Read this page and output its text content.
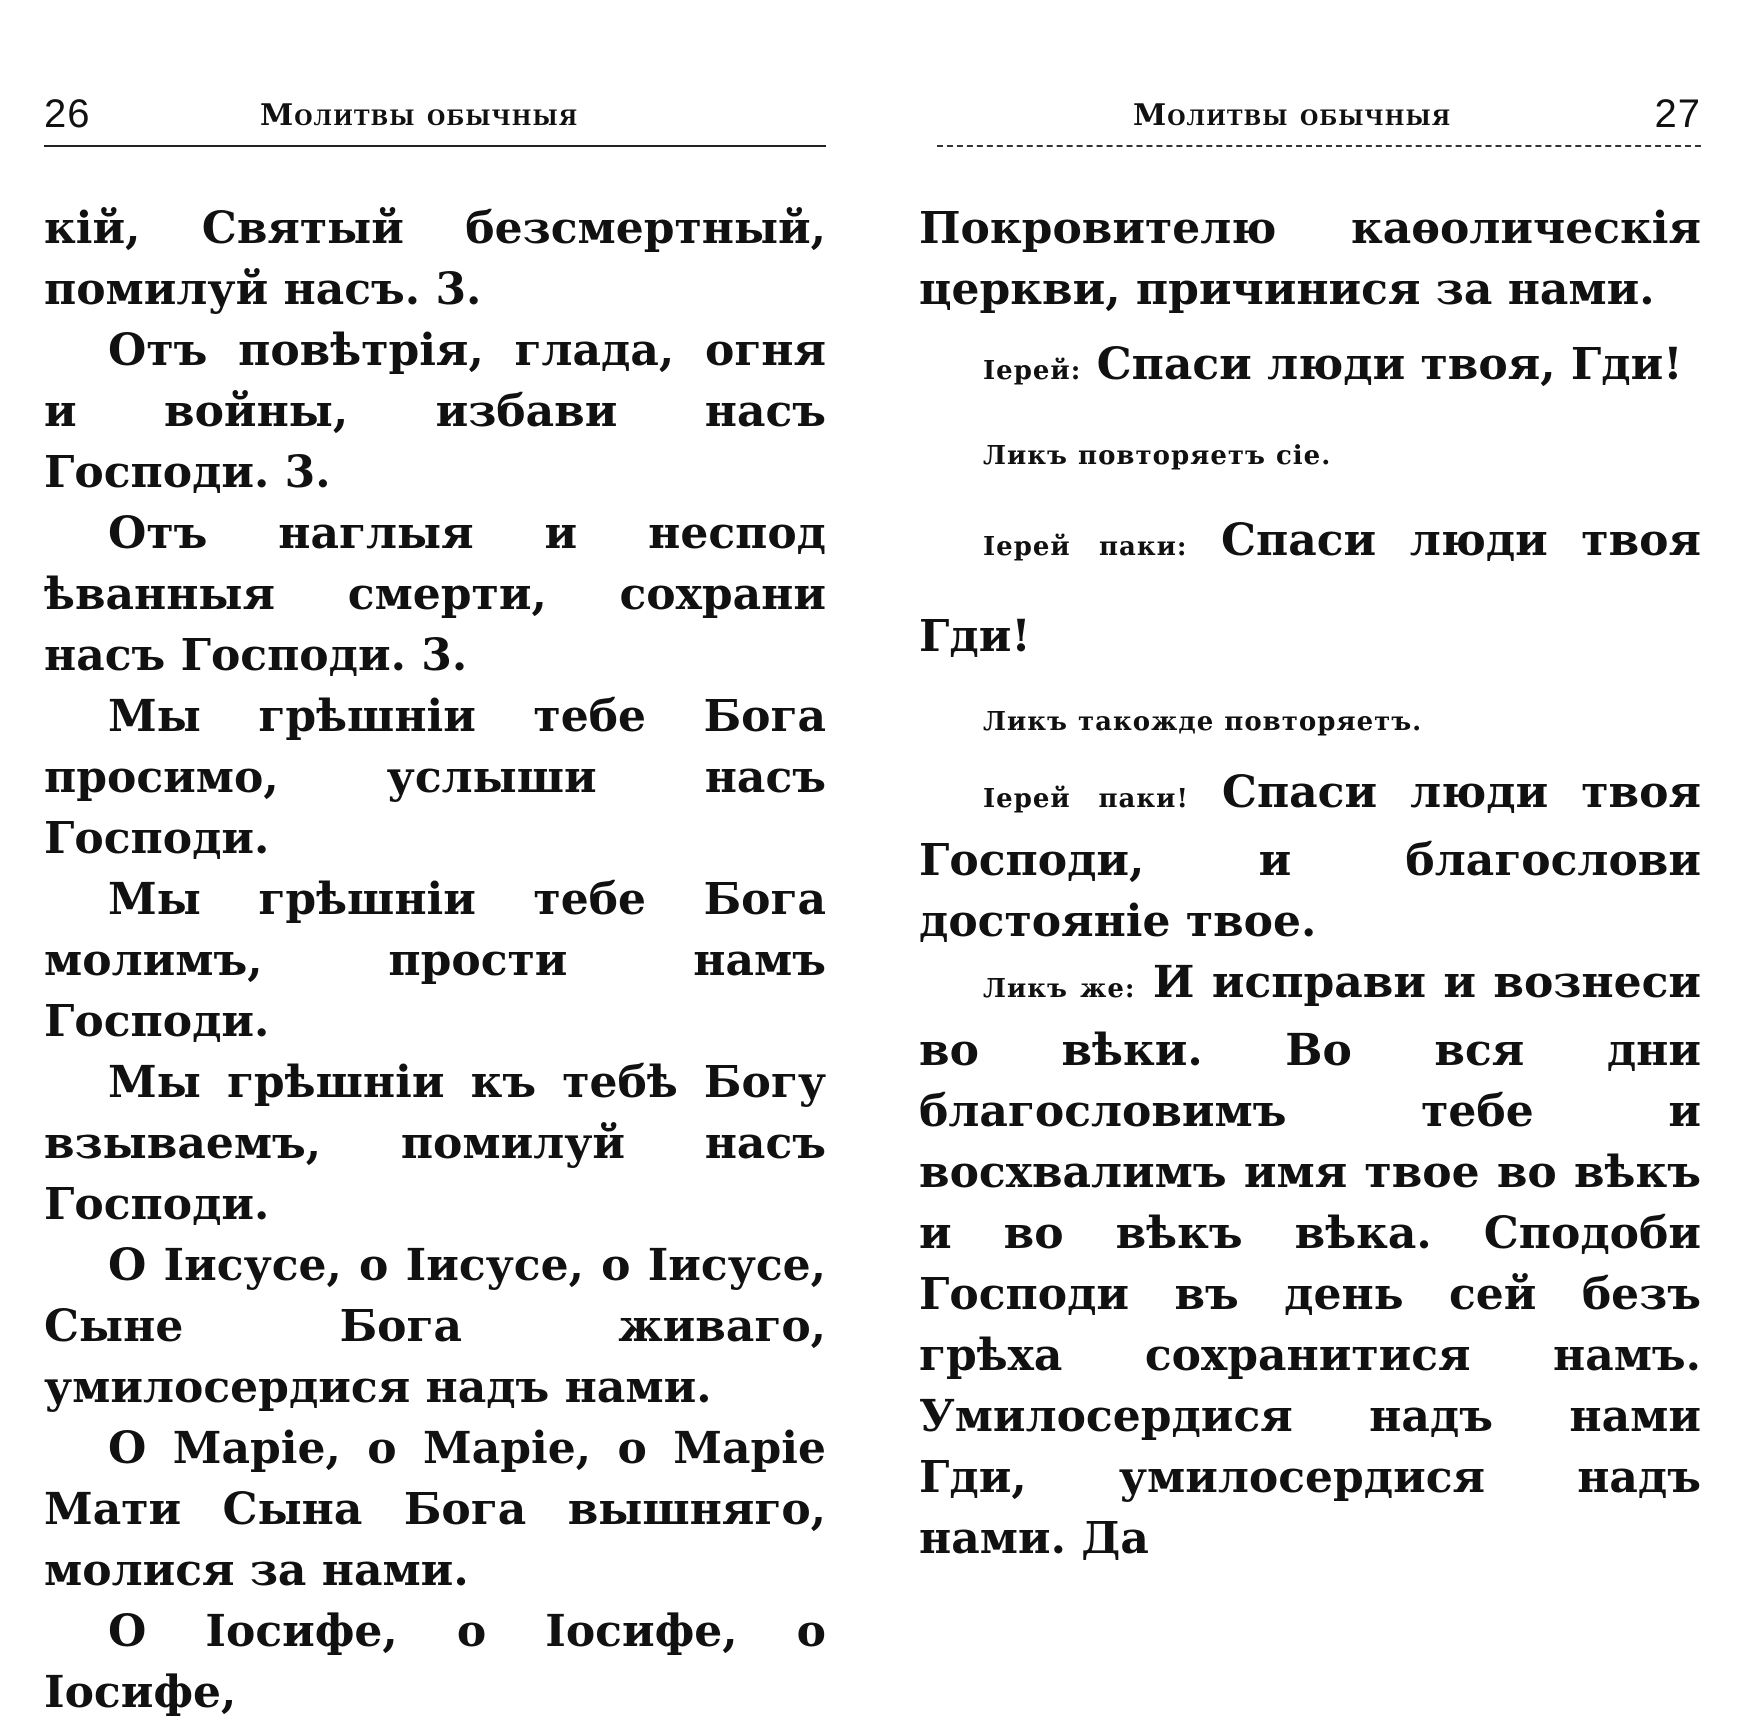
26	Молитвы обычныя

кій, Святый безсмертный, помилуй насъ. 3.

Отъ повѣтрія, глада, огня и войны, избави насъ Господи. 3.

Отъ наглыя и неспод ѣванныя смерти, сохрани насъ Господи. 3.

Мы грѣшніи тебе Бога просимо, услыши насъ Господи.

Мы грѣшніи тебе Бога молимъ, прости намъ Господи.

Мы грѣшніи къ тебѣ Богу взываемъ, помилуй насъ Господи.

О Іисусе, о Іисусе, о Іисусе, Сыне Бога живаго, умилосердися надъ нами.

О Маріе, о Маріе, о Маріе Мати Сына Бога вышняго, молися за нами.

О Іосифе, о Іосифе, о Іосифе,

Молитвы обычныя	27

Покровителю каѳолическія церкви, причинися за нами.

Іерей: Спаси люди твоя, Гди!

Ликъ повторяетъ сіе.

Іерей паки: Спаси люди твоя Гди!

Ликъ такожде повторяетъ.

Іерей паки! Спаси люди твоя Господи, и благослови достояніе твое.

Ликъ же: И исправи и вознеси во вѣки. Во вся дни благословимъ тебе и восхвалимъ имя твое во вѣкъ и во вѣкъ вѣка. Сподоби Господи въ день сей безъ грѣха сохранитися намъ. Умилосердися надъ нами Гди, умилосердися надъ нами. Да
